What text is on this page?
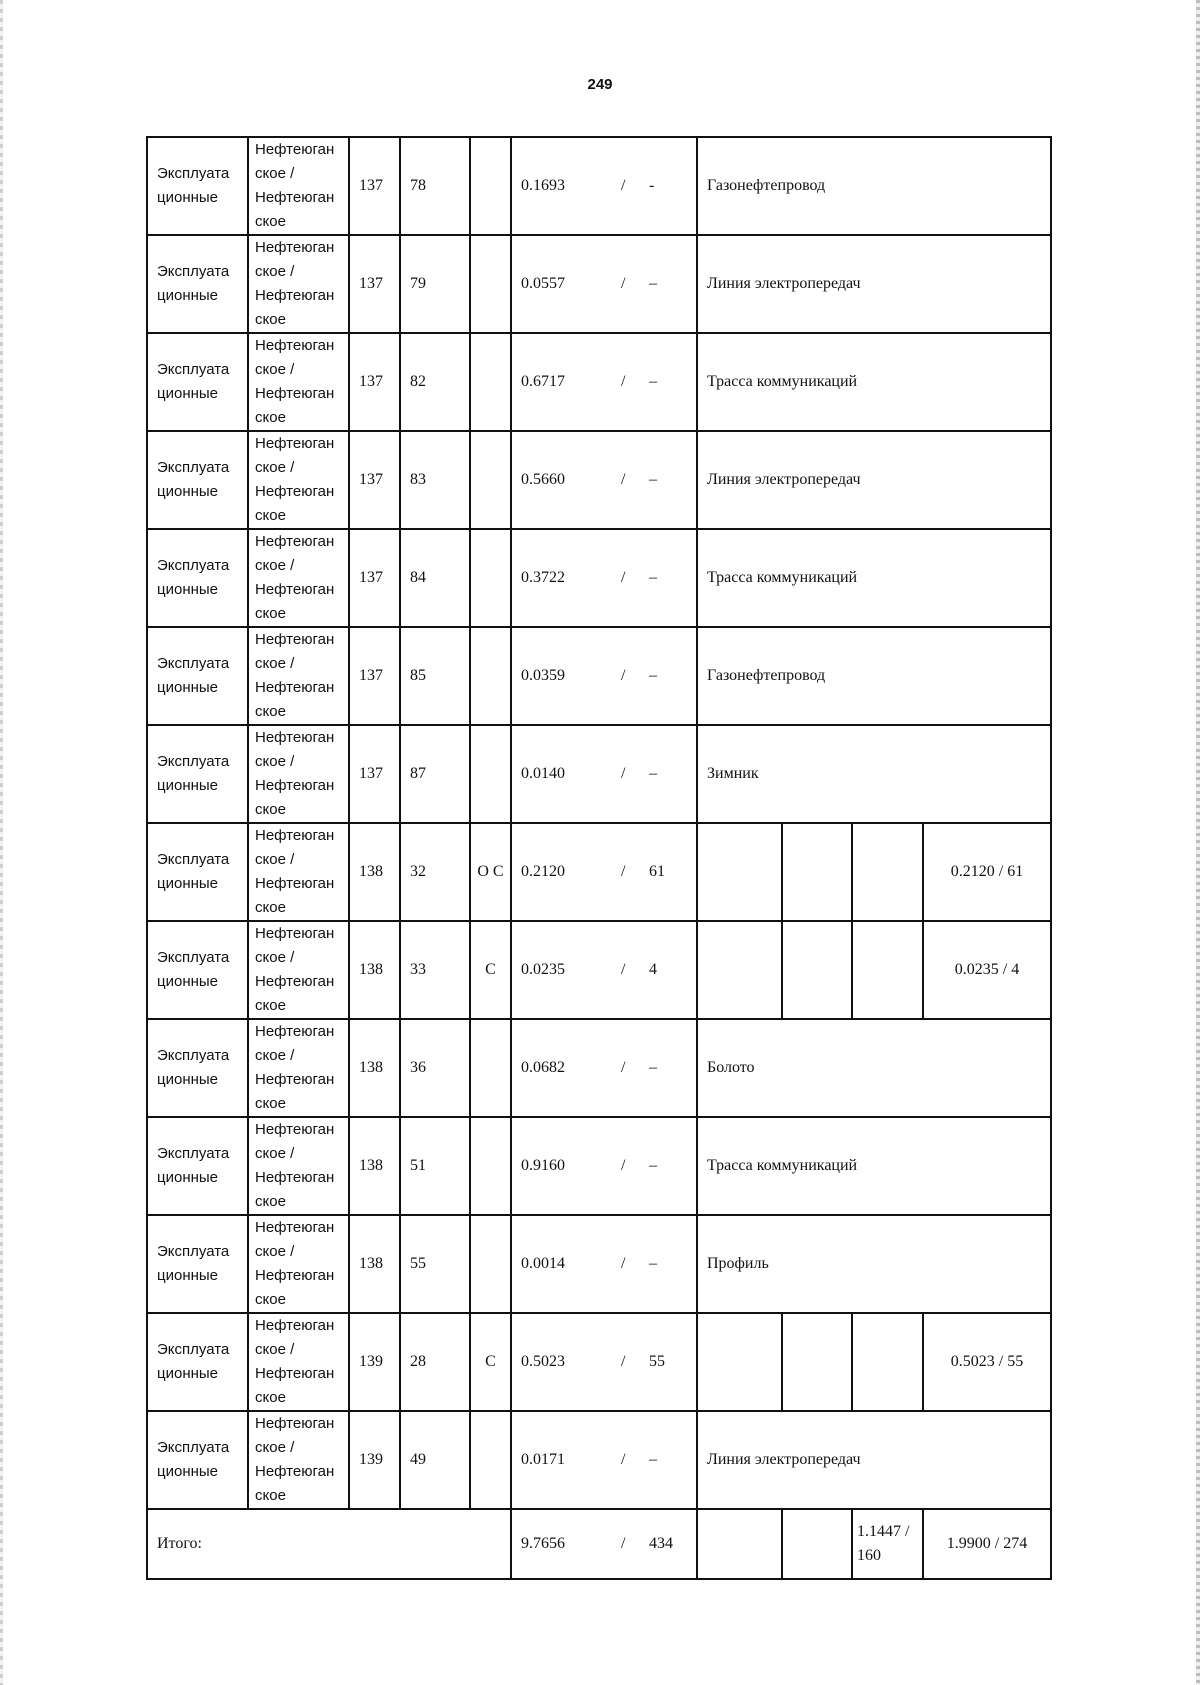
249
Эксплуата ционные	Нефтеюган ское / Нефтеюган ское	137	78		0.1693 / -	Газонефтепровод			
Эксплуата ционные	Нефтеюган ское / Нефтеюган ское	137	79		0.0557 / –	Линия электропередач			
Эксплуата ционные	Нефтеюган ское / Нефтеюган ское	137	82		0.6717 / –	Трасса коммуникаций			
Эксплуата ционные	Нефтеюган ское / Нефтеюган ское	137	83		0.5660 / –	Линия электропередач			
Эксплуата ционные	Нефтеюган ское / Нефтеюган ское	137	84		0.3722 / –	Трасса коммуникаций			
Эксплуата ционные	Нефтеюган ское / Нефтеюган ское	137	85		0.0359 / –	Газонефтепровод			
Эксплуата ционные	Нефтеюган ское / Нефтеюган ское	137	87		0.0140 / –	Зимник			
Эксплуата ционные	Нефтеюган ское / Нефтеюган ское	138	32	О С	0.2120 / 61				0.2120 / 61
Эксплуата ционные	Нефтеюган ское / Нефтеюган ское	138	33	С	0.0235 / 4				0.0235 / 4
Эксплуата ционные	Нефтеюган ское / Нефтеюган ское	138	36		0.0682 / –	Болото			
Эксплуата ционные	Нефтеюган ское / Нефтеюган ское	138	51		0.9160 / –	Трасса коммуникаций			
Эксплуата ционные	Нефтеюган ское / Нефтеюган ское	138	55		0.0014 / –	Профиль			
Эксплуата ционные	Нефтеюган ское / Нефтеюган ское	139	28	С	0.5023 / 55				0.5023 / 55
Эксплуата ционные	Нефтеюган ское / Нефтеюган ское	139	49		0.0171 / –	Линия электропередач			
Итого:					9.7656 / 434			1.1447 / 160	1.9900 / 274
